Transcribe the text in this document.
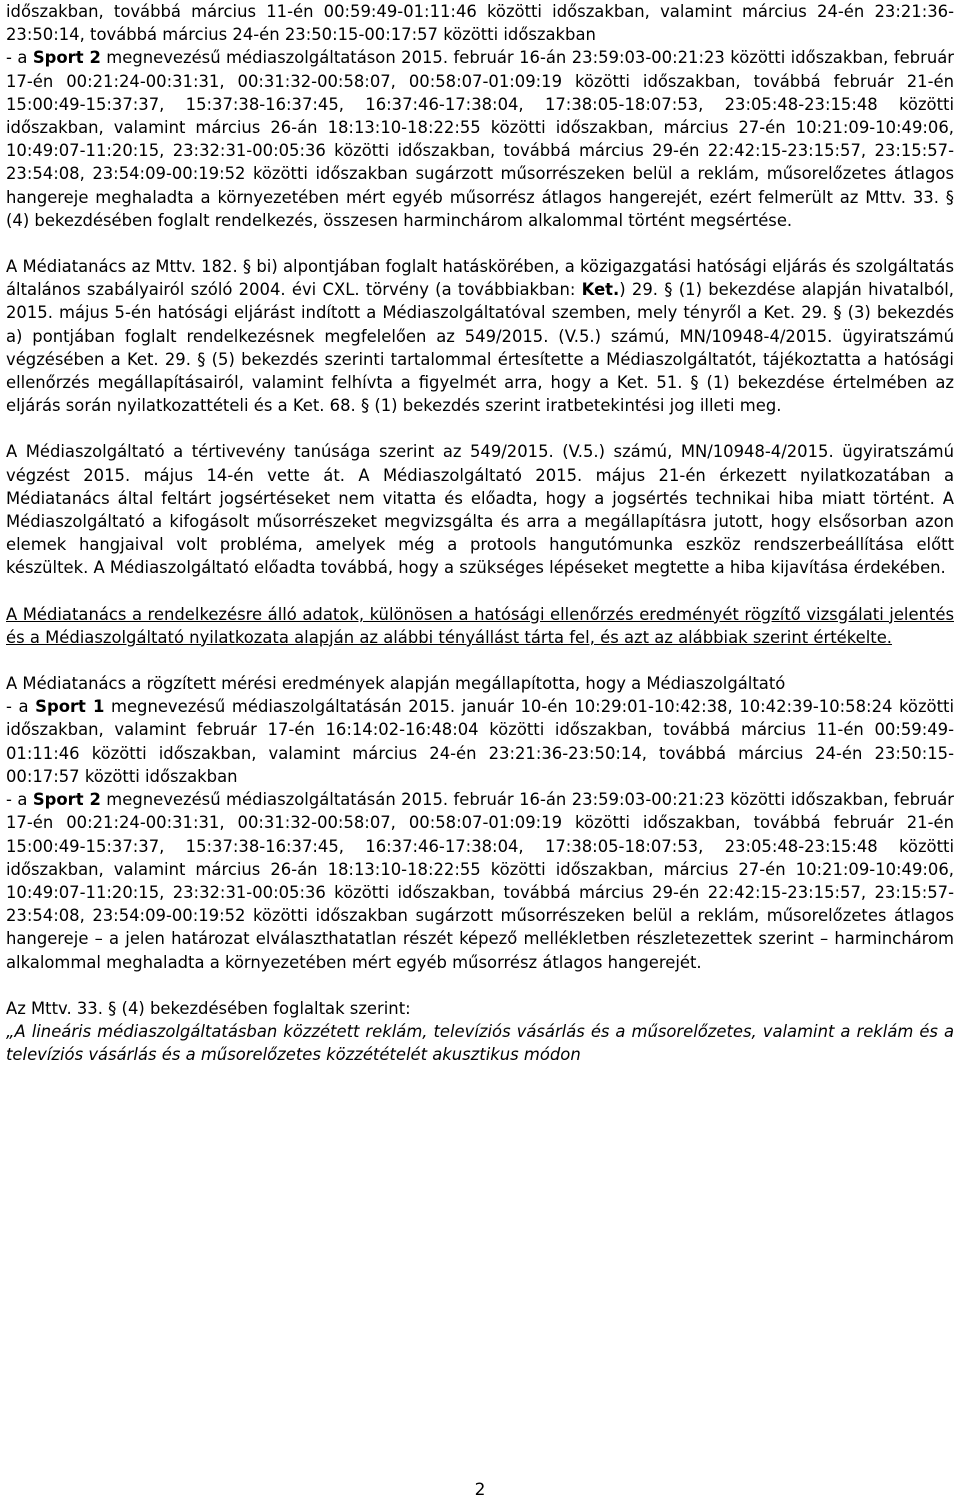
időszakban, továbbá március 11-én 00:59:49-01:11:46 közötti időszakban, valamint március 24-én 23:21:36-23:50:14, továbbá március 24-én 23:50:15-00:17:57 közötti időszakban
- a Sport 2 megnevezésű médiaszolgáltatáson 2015. február 16-án 23:59:03-00:21:23 közötti időszakban, február 17-én 00:21:24-00:31:31, 00:31:32-00:58:07, 00:58:07-01:09:19 közötti időszakban, továbbá február 21-én 15:00:49-15:37:37, 15:37:38-16:37:45, 16:37:46-17:38:04, 17:38:05-18:07:53, 23:05:48-23:15:48 közötti időszakban, valamint március 26-án 18:13:10-18:22:55 közötti időszakban, március 27-én 10:21:09-10:49:06, 10:49:07-11:20:15, 23:32:31-00:05:36 közötti időszakban, továbbá március 29-én 22:42:15-23:15:57, 23:15:57-23:54:08, 23:54:09-00:19:52 közötti időszakban sugárzott műsorrészeken belül a reklám, műsorelőzetes átlagos hangereje meghaladta a környezetében mért egyéb műsorrész átlagos hangerejét, ezért felmerült az Mttv. 33. § (4) bekezdésében foglalt rendelkezés, összesen harminchárom alkalommal történt megsértése.

A Médiatanács az Mttv. 182. § bi) alpontjában foglalt hatáskörében, a közigazgatási hatósági eljárás és szolgáltatás általános szabályairól szóló 2004. évi CXL. törvény (a továbbiakban: Ket.) 29. § (1) bekezdése alapján hivatalból, 2015. május 5-én hatósági eljárást indított a Médiaszolgáltatóval szemben, mely tényről a Ket. 29. § (3) bekezdés a) pontjában foglalt rendelkezésnek megfelelően az 549/2015. (V.5.) számú, MN/10948-4/2015. ügyiratszámú végzésében a Ket. 29. § (5) bekezdés szerinti tartalommal értesítette a Médiaszolgáltatót, tájékoztatta a hatósági ellenőrzés megállapításairól, valamint felhívta a figyelmét arra, hogy a Ket. 51. § (1) bekezdése értelmében az eljárás során nyilatkozattételi és a Ket. 68. § (1) bekezdés szerint iratbetekintési jog illeti meg.

A Médiaszolgáltató a tértivevény tanúsága szerint az 549/2015. (V.5.) számú, MN/10948-4/2015. ügyiratszámú végzést 2015. május 14-én vette át. A Médiaszolgáltató 2015. május 21-én érkezett nyilatkozatában a Médiatanács által feltárt jogsértéseket nem vitatta és előadta, hogy a jogsértés technikai hiba miatt történt. A Médiaszolgáltató a kifogásolt műsorrészeket megvizsgálta és arra a megállapításra jutott, hogy elsősorban azon elemek hangjaival volt probléma, amelyek még a protools hangutómunka eszköz rendszerbeállítása előtt készültek. A Médiaszolgáltató előadta továbbá, hogy a szükséges lépéseket megtette a hiba kijavítása érdekében.

A Médiatanács a rendelkezésre álló adatok, különösen a hatósági ellenőrzés eredményét rögzítő vizsgálati jelentés és a Médiaszolgáltató nyilatkozata alapján az alábbi tényállást tárta fel, és azt az alábbiak szerint értékelte.

A Médiatanács a rögzített mérési eredmények alapján megállapította, hogy a Médiaszolgáltató
- a Sport 1 megnevezésű médiaszolgáltatásán 2015. január 10-én 10:29:01-10:42:38, 10:42:39-10:58:24 közötti időszakban, valamint február 17-én 16:14:02-16:48:04 közötti időszakban, továbbá március 11-én 00:59:49-01:11:46 közötti időszakban, valamint március 24-én 23:21:36-23:50:14, továbbá március 24-én 23:50:15-00:17:57 közötti időszakban
- a Sport 2 megnevezésű médiaszolgáltatásán 2015. február 16-án 23:59:03-00:21:23 közötti időszakban, február 17-én 00:21:24-00:31:31, 00:31:32-00:58:07, 00:58:07-01:09:19 közötti időszakban, továbbá február 21-én 15:00:49-15:37:37, 15:37:38-16:37:45, 16:37:46-17:38:04, 17:38:05-18:07:53, 23:05:48-23:15:48 közötti időszakban, valamint március 26-án 18:13:10-18:22:55 közötti időszakban, március 27-én 10:21:09-10:49:06, 10:49:07-11:20:15, 23:32:31-00:05:36 közötti időszakban, továbbá március 29-én 22:42:15-23:15:57, 23:15:57-23:54:08, 23:54:09-00:19:52 közötti időszakban sugárzott műsorrészeken belül a reklám, műsorelőzetes átlagos hangereje – a jelen határozat elválaszthatatlan részét képező mellékletben részletezettek szerint – harminchárom alkalommal meghaladta a környezetében mért egyéb műsorrész átlagos hangerejét.

Az Mttv. 33. § (4) bekezdésében foglaltak szerint:
„A lineáris médiaszolgáltatásban közzétett reklám, televíziós vásárlás és a műsorelőzetes, valamint a reklám és a televíziós vásárlás és a műsorelőzetes közzétételét akusztikus módon

2
